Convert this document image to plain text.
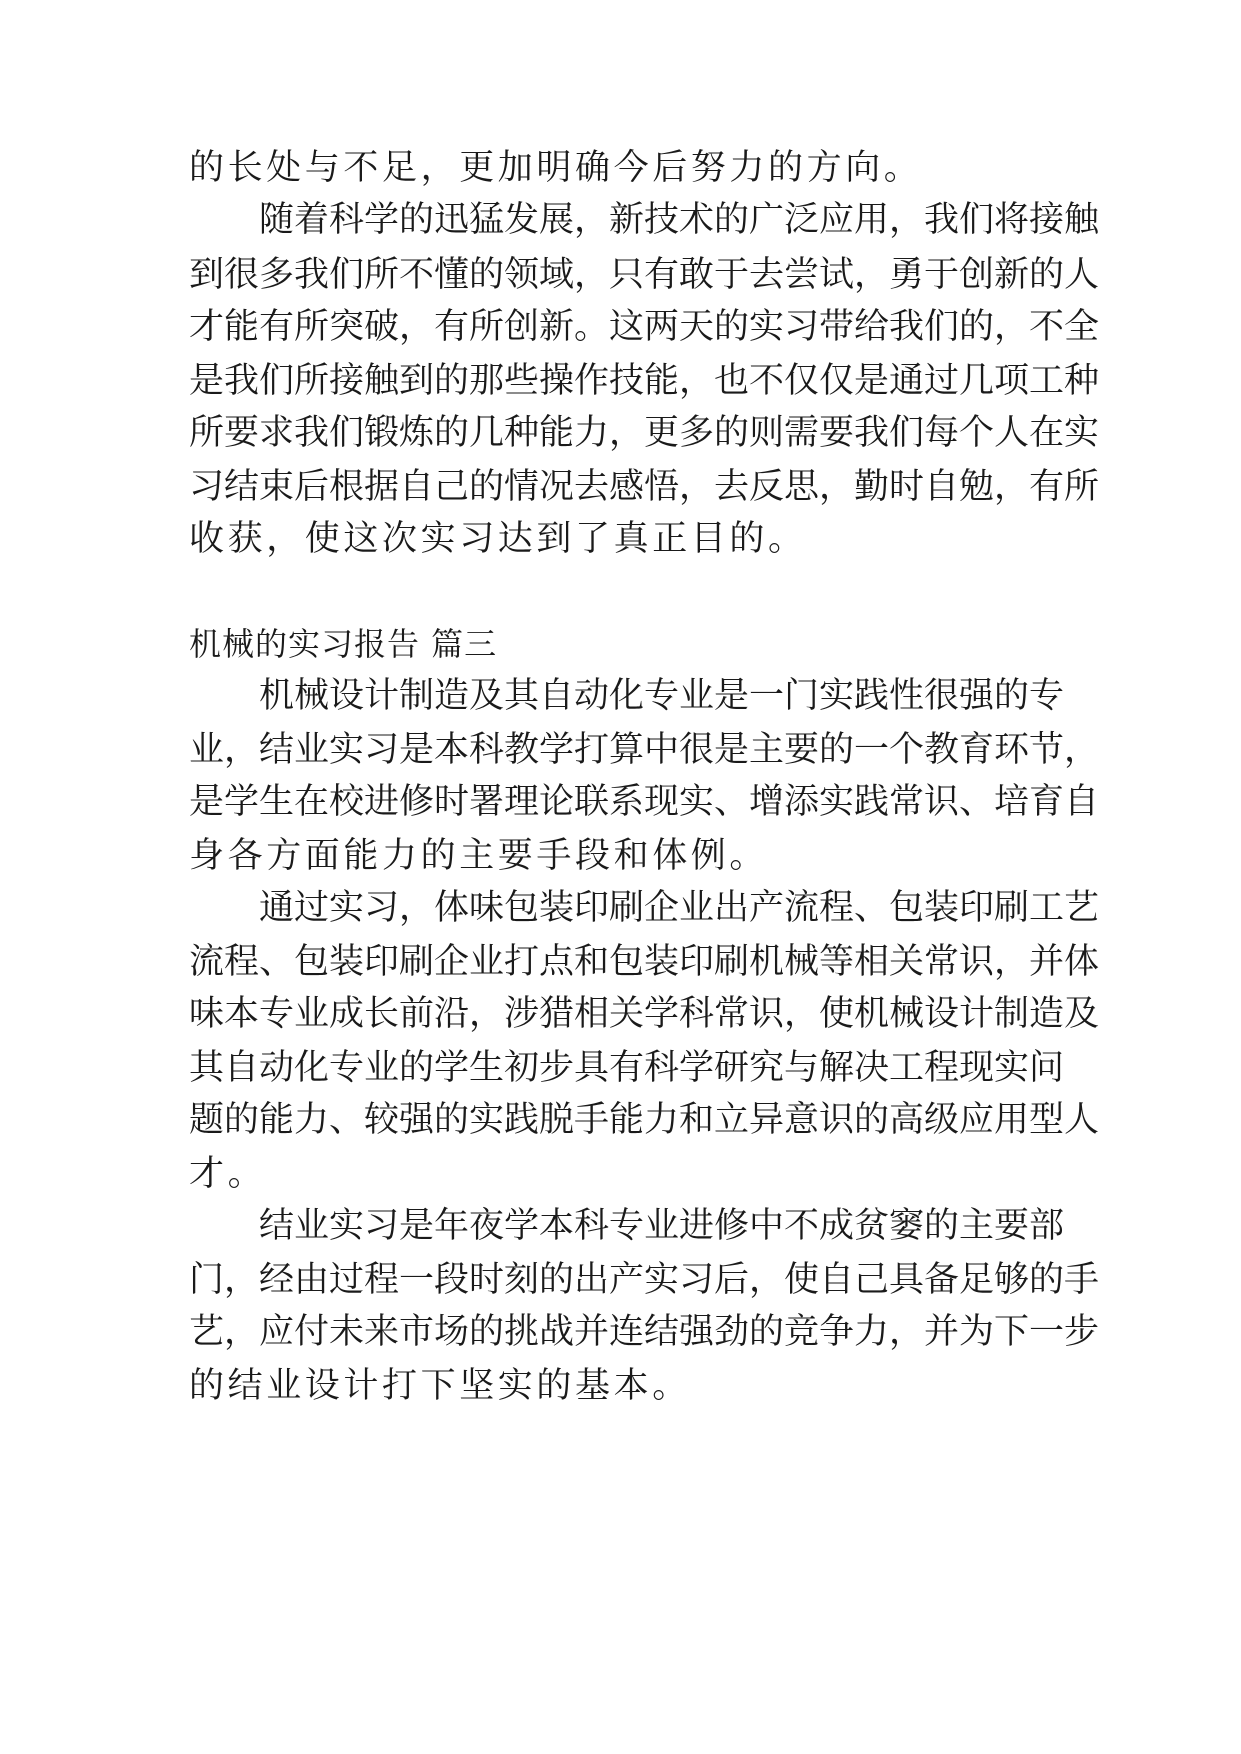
的长处与不足，更加明确今后努力的方向。
随着科学的迅猛发展，新技术的广泛应用，我们将接触
到很多我们所不懂的领域，只有敢于去尝试，勇于创新的人
才能有所突破，有所创新。这两天的实习带给我们的，不全
是我们所接触到的那些操作技能，也不仅仅是通过几项工种
所要求我们锻炼的几种能力，更多的则需要我们每个人在实
习结束后根据自己的情况去感悟，去反思，勤时自勉，有所
收获，使这次实习达到了真正目的。
机械的实习报告 篇三
机械设计制造及其自动化专业是一门实践性很强的专
业，结业实习是本科教学打算中很是主要的一个教育环节，
是学生在校进修时署理论联系现实、增添实践常识、培育自
身各方面能力的主要手段和体例。
通过实习，体味包装印刷企业出产流程、包装印刷工艺
流程、包装印刷企业打点和包装印刷机械等相关常识，并体
味本专业成长前沿，涉猎相关学科常识，使机械设计制造及
其自动化专业的学生初步具有科学研究与解决工程现实问
题的能力、较强的实践脱手能力和立异意识的高级应用型人
才。
结业实习是年夜学本科专业进修中不成贫窭的主要部
门，经由过程一段时刻的出产实习后，使自己具备足够的手
艺，应付未来市场的挑战并连结强劲的竞争力，并为下一步
的结业设计打下坚实的基本。
